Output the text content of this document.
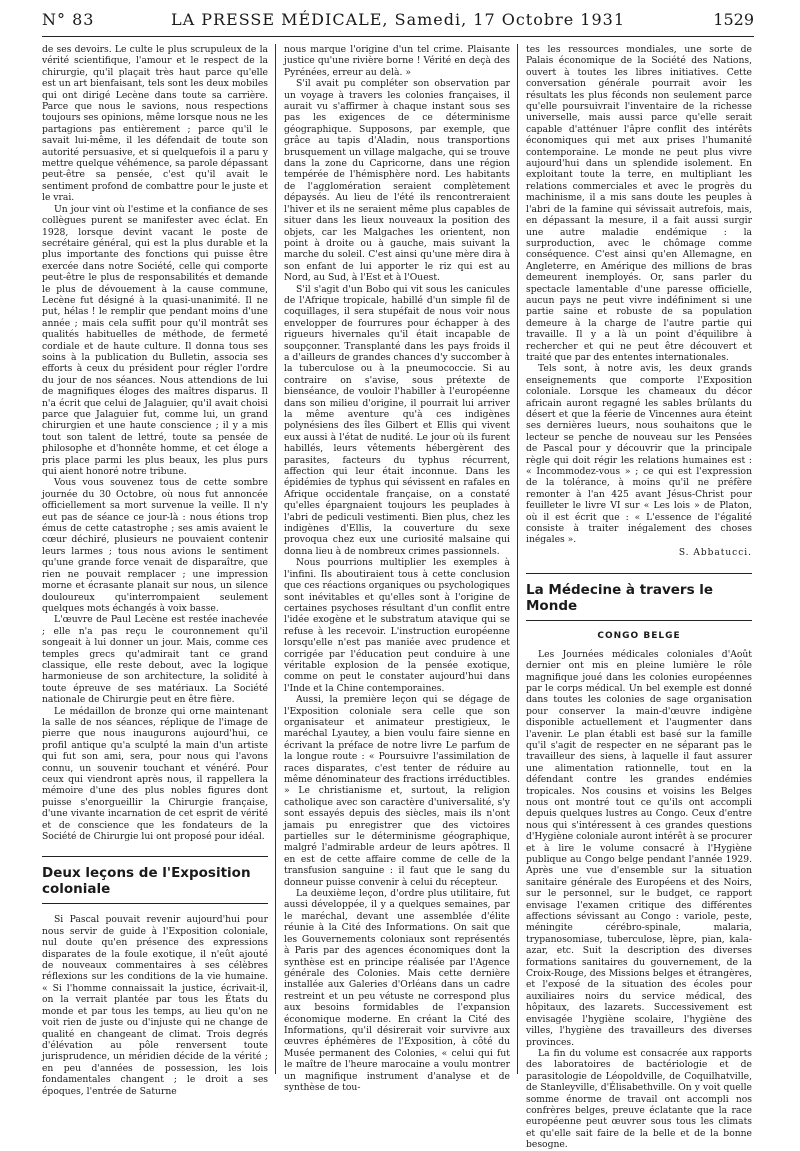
N° 83	LA PRESSE MÉDICALE, Samedi, 17 Octobre 1931	1529

de ses devoirs. Le culte le plus scrupuleux de la vérité scientifique, l'amour et le respect de la chirurgie, qu'il plaçait très haut parce qu'elle est un art bienfaisant, tels sont les deux mobiles qui ont dirigé Lecène dans toute sa carrière. Parce que nous le savions, nous respections toujours ses opinions, même lorsque nous ne les partagions pas entièrement ; parce qu'il le savait lui-même, il les défendait de toute son autorité persuasive, et si quelquefois il a paru y mettre quelque véhémence, sa parole dépassant peut-être sa pensée, c'est qu'il avait le sentiment profond de combattre pour le juste et le vrai.

Un jour vint où l'estime et la confiance de ses collègues purent se manifester avec éclat. En 1928, lorsque devint vacant le poste de secrétaire général, qui est la plus durable et la plus importante des fonctions qui puisse être exercée dans notre Société, celle qui comporte peut-être le plus de responsabilités et demande le plus de dévouement à la cause commune, Lecène fut désigné à la quasi-unanimité. Il ne put, hélas ! le remplir que pendant moins d'une année ; mais cela suffit pour qu'il montrât ses qualités habituelles de méthode, de fermeté cordiale et de haute culture. Il donna tous ses soins à la publication du Bulletin, associa ses efforts à ceux du président pour régler l'ordre du jour de nos séances. Nous attendions de lui de magnifiques éloges des maîtres disparus. Il n'a écrit que celui de Jalaguier, qu'il avait choisi parce que Jalaguier fut, comme lui, un grand chirurgien et une haute conscience ; il y a mis tout son talent de lettré, toute sa pensée de philosophe et d'honnête homme, et cet éloge a pris place parmi les plus beaux, les plus purs qui aient honoré notre tribune.

Vous vous souvenez tous de cette sombre journée du 30 Octobre, où nous fut annoncée officiellement sa mort survenue la veille. Il n'y eut pas de séance ce jour-là : nous étions trop émus de cette catastrophe ; ses amis avaient le cœur déchiré, plusieurs ne pouvaient contenir leurs larmes ; tous nous avions le sentiment qu'une grande force venait de disparaître, que rien ne pouvait remplacer ; une impression morne et écrasante planait sur nous, un silence douloureux qu'interrompaient seulement quelques mots échangés à voix basse.

L'œuvre de Paul Lecène est restée inachevée ; elle n'a pas reçu le couronnement qu'il songeait à lui donner un jour. Mais, comme ces temples grecs qu'admirait tant ce grand classique, elle reste debout, avec la logique harmonieuse de son architecture, la solidité à toute épreuve de ses matériaux. La Société nationale de Chirurgie peut en être fière.

Le médaillon de bronze qui orne maintenant la salle de nos séances, réplique de l'image de pierre que nous inaugurons aujourd'hui, ce profil antique qu'a sculpté la main d'un artiste qui fut son ami, sera, pour nous qui l'avons connu, un souvenir touchant et vénéré. Pour ceux qui viendront après nous, il rappellera la mémoire d'une des plus nobles figures dont puisse s'enorgueillir la Chirurgie française, d'une vivante incarnation de cet esprit de vérité et de conscience que les fondateurs de la Société de Chirurgie lui ont proposé pour idéal.

Deux leçons de l'Exposition coloniale

Si Pascal pouvait revenir aujourd'hui pour nous servir de guide à l'Exposition coloniale, nul doute qu'en présence des expressions disparates de la foule exotique, il n'eût ajouté de nouveaux commentaires à ses célèbres réflexions sur les conditions de la vie humaine. « Si l'homme connaissait la justice, écrivait-il, on la verrait plantée par tous les États du monde et par tous les temps, au lieu qu'on ne voit rien de juste ou d'injuste qui ne change de qualité en changeant de climat. Trois degrés d'élévation au pôle renversent toute jurisprudence, un méridien décide de la vérité ; en peu d'années de possession, les lois fondamentales changent ; le droit a ses époques, l'entrée de Saturne

nous marque l'origine d'un tel crime. Plaisante justice qu'une rivière borne ! Vérité en deçà des Pyrénées, erreur au delà. »

S'il avait pu compléter son observation par un voyage à travers les colonies françaises, il aurait vu s'affirmer à chaque instant sous ses pas les exigences de ce déterminisme géographique. Supposons, par exemple, que grâce au tapis d'Aladin, nous transportions brusquement un village malgache, qui se trouve dans la zone du Capricorne, dans une région tempérée de l'hémisphère nord. Les habitants de l'agglomération seraient complètement dépaysés. Au lieu de l'été ils rencontreraient l'hiver et ils ne seraient même plus capables de situer dans les lieux nouveaux la position des objets, car les Malgaches les orientent, non point à droite ou à gauche, mais suivant la marche du soleil. C'est ainsi qu'une mère dira à son enfant de lui apporter le riz qui est au Nord, au Sud, à l'Est et à l'Ouest.

S'il s'agit d'un Bobo qui vit sous les canicules de l'Afrique tropicale, habillé d'un simple fil de coquillages, il sera stupéfait de nous voir nous envelopper de fourrures pour échapper à des rigueurs hivernales qu'il était incapable de soupçonner. Transplanté dans les pays froids il a d'ailleurs de grandes chances d'y succomber à la tuberculose ou à la pneumococcie. Si au contraire on s'avise, sous prétexte de bienséance, de vouloir l'habiller à l'européenne dans son milieu d'origine, il pourrait lui arriver la même aventure qu'à ces indigènes polynésiens des îles Gilbert et Ellis qui vivent eux aussi à l'état de nudité. Le jour où ils furent habillés, leurs vêtements hébergèrent des parasites, facteurs du typhus récurrent, affection qui leur était inconnue. Dans les épidémies de typhus qui sévissent en rafales en Afrique occidentale française, on a constaté qu'elles épargnaient toujours les peuplades à l'abri de pediculi vestimenti. Bien plus, chez les indigènes d'Ellis, la couverture du sexe provoqua chez eux une curiosité malsaine qui donna lieu à de nombreux crimes passionnels.

Nous pourrions multiplier les exemples à l'infini. Ils aboutiraient tous à cette conclusion que ces réactions organiques ou psychologiques sont inévitables et qu'elles sont à l'origine de certaines psychoses résultant d'un conflit entre l'idée exogène et le substratum atavique qui se refuse à les recevoir. L'instruction européenne lorsqu'elle n'est pas maniée avec prudence et corrigée par l'éducation peut conduire à une véritable explosion de la pensée exotique, comme on peut le constater aujourd'hui dans l'Inde et la Chine contemporaines.

Aussi, la première leçon qui se dégage de l'Exposition coloniale sera celle que son organisateur et animateur prestigieux, le maréchal Lyautey, a bien voulu faire sienne en écrivant la préface de notre livre Le parfum de la longue route : « Poursuivre l'assimilation de races disparates, c'est tenter de réduire au même dénominateur des fractions irréductibles. » Le christianisme et, surtout, la religion catholique avec son caractère d'universalité, s'y sont essayés depuis des siècles, mais ils n'ont jamais pu enregistrer que des victoires partielles sur le déterminisme géographique, malgré l'admirable ardeur de leurs apôtres. Il en est de cette affaire comme de celle de la transfusion sanguine : il faut que le sang du donneur puisse convenir à celui du récepteur.

La deuxième leçon, d'ordre plus utilitaire, fut aussi développée, il y a quelques semaines, par le maréchal, devant une assemblée d'élite réunie à la Cité des Informations. On sait que les Gouvernements coloniaux sont représentés à Paris par des agences économiques dont la synthèse est en principe réalisée par l'Agence générale des Colonies. Mais cette dernière installée aux Galeries d'Orléans dans un cadre restreint et un peu vétuste ne correspond plus aux besoins formidables de l'expansion économique moderne. En créant la Cité des Informations, qu'il désirerait voir survivre aux œuvres éphémères de l'Exposition, à côté du Musée permanent des Colonies, « celui qui fut le maître de l'heure marocaine a voulu montrer un magnifique instrument d'analyse et de synthèse de tou-

tes les ressources mondiales, une sorte de Palais économique de la Société des Nations, ouvert à toutes les libres initiatives. Cette conversation générale pourrait avoir les résultats les plus féconds non seulement parce qu'elle poursuivrait l'inventaire de la richesse universelle, mais aussi parce qu'elle serait capable d'atténuer l'âpre conflit des intérêts économiques qui met aux prises l'humanité contemporaine. Le monde ne peut plus vivre aujourd'hui dans un splendide isolement. En exploitant toute la terre, en multipliant les relations commerciales et avec le progrès du machinisme, il a mis sans doute les peuples à l'abri de la famine qui sévissait autrefois, mais, en dépassant la mesure, il a fait aussi surgir une autre maladie endémique : la surproduction, avec le chômage comme conséquence. C'est ainsi qu'en Allemagne, en Angleterre, en Amérique des millions de bras demeurent inemployés. Or, sans parler du spectacle lamentable d'une paresse officielle, aucun pays ne peut vivre indéfiniment si une partie saine et robuste de sa population demeure à la charge de l'autre partie qui travaille. Il y a là un point d'équilibre à rechercher et qui ne peut être découvert et traité que par des ententes internationales.

Tels sont, à notre avis, les deux grands enseignements que comporte l'Exposition coloniale. Lorsque les chameaux du décor africain auront regagné les sables brûlants du désert et que la féerie de Vincennes aura éteint ses dernières lueurs, nous souhaitons que le lecteur se penche de nouveau sur les Pensées de Pascal pour y découvrir que la principale règle qui doit régir les relations humaines est : « Incommodez-vous » ; ce qui est l'expression de la tolérance, à moins qu'il ne préfère remonter à l'an 425 avant Jésus-Christ pour feuilleter le livre VI sur « Les lois » de Platon, où il est écrit que : « L'essence de l'égalité consiste à traiter inégalement des choses inégales ».

S. Abbatucci.
La Médecine à travers le Monde
CONGO BELGE

Les Journées médicales coloniales d'Août dernier ont mis en pleine lumière le rôle magnifique joué dans les colonies européennes par le corps médical. Un bel exemple est donné dans toutes les colonies de sage organisation pour conserver la main-d'œuvre indigène disponible actuellement et l'augmenter dans l'avenir. Le plan établi est basé sur la famille qu'il s'agit de respecter en ne séparant pas le travailleur des siens, à laquelle il faut assurer une alimentation rationnelle, tout en la défendant contre les grandes endémies tropicales. Nos cousins et voisins les Belges nous ont montré tout ce qu'ils ont accompli depuis quelques lustres au Congo. Ceux d'entre nous qui s'intéressent à ces grandes questions d'Hygiène coloniale auront intérêt à se procurer et à lire le volume consacré à l'Hygiène publique au Congo belge pendant l'année 1929. Après une vue d'ensemble sur la situation sanitaire générale des Européens et des Noirs, sur le personnel, sur le budget, ce rapport envisage l'examen critique des différentes affections sévissant au Congo : variole, peste, méningite cérébro-spinale, malaria, trypanosomiase, tuberculose, lèpre, pian, kala-azar, etc. Suit la description des diverses formations sanitaires du gouvernement, de la Croix-Rouge, des Missions belges et étrangères, et l'exposé de la situation des écoles pour auxiliaires noirs du service médical, des hôpitaux, des lazarets. Successivement est envisagée l'hygiène scolaire, l'hygiène des villes, l'hygiène des travailleurs des diverses provinces.

La fin du volume est consacrée aux rapports des laboratoires de bactériologie et de parasitologie de Léopoldville, de Coquilhatville, de Stanleyville, d'Élisabethville. On y voit quelle somme énorme de travail ont accompli nos confrères belges, preuve éclatante que la race européenne peut œuvrer sous tous les climats et qu'elle sait faire de la belle et de la bonne besogne.
